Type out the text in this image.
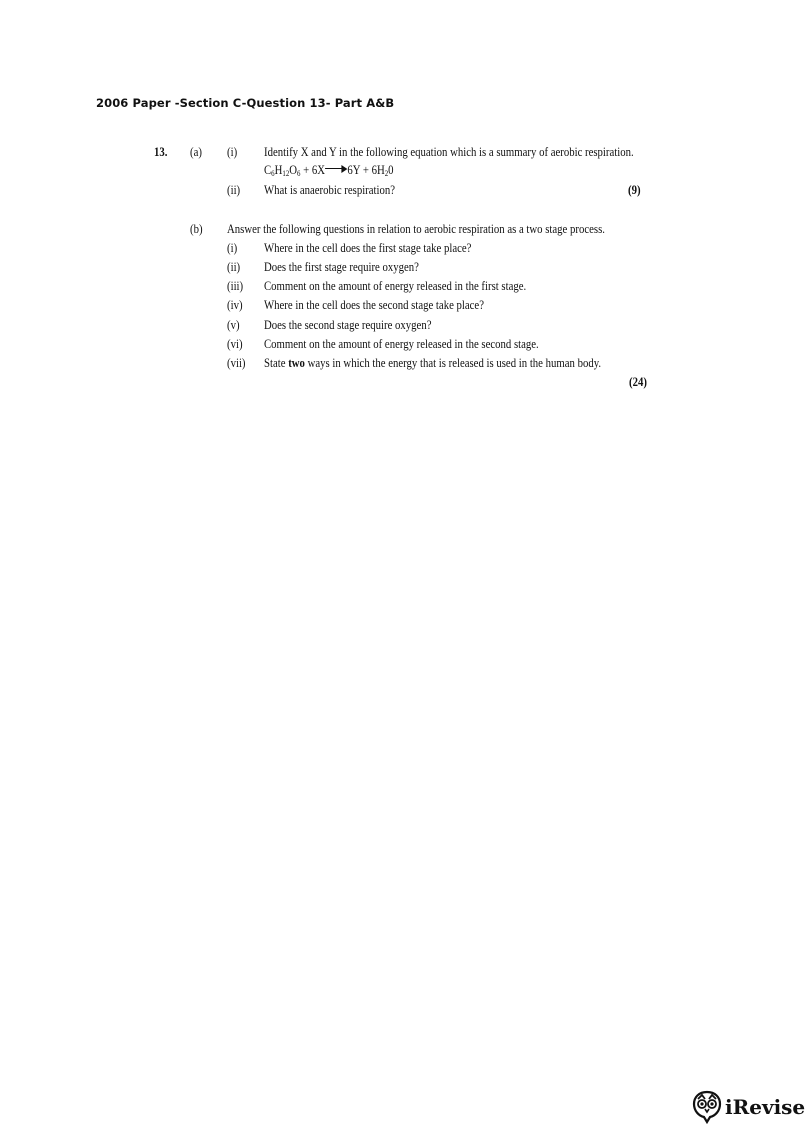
2006 Paper -Section C-Question 13- Part A&B
13. (a) (i) Identify X and Y in the following equation which is a summary of aerobic respiration.
$C_6H_{12}O_6 + 6X$ $6Y + 6H_20$
(ii) What is anaerobic respiration?	(9)
(b) Answer the following questions in relation to aerobic respiration as a two stage process.
(i) Where in the cell does the first stage take place?
(ii) Does the first stage require oxygen?
(iii) Comment on the amount of energy released in the first stage.
(iv) Where in the cell does the second stage take place?
(v) Does the second stage require oxygen?
(vi) Comment on the amount of energy released in the second stage.
(vii) State two ways in which the energy that is released is used in the human body.
(24)
iRevise
